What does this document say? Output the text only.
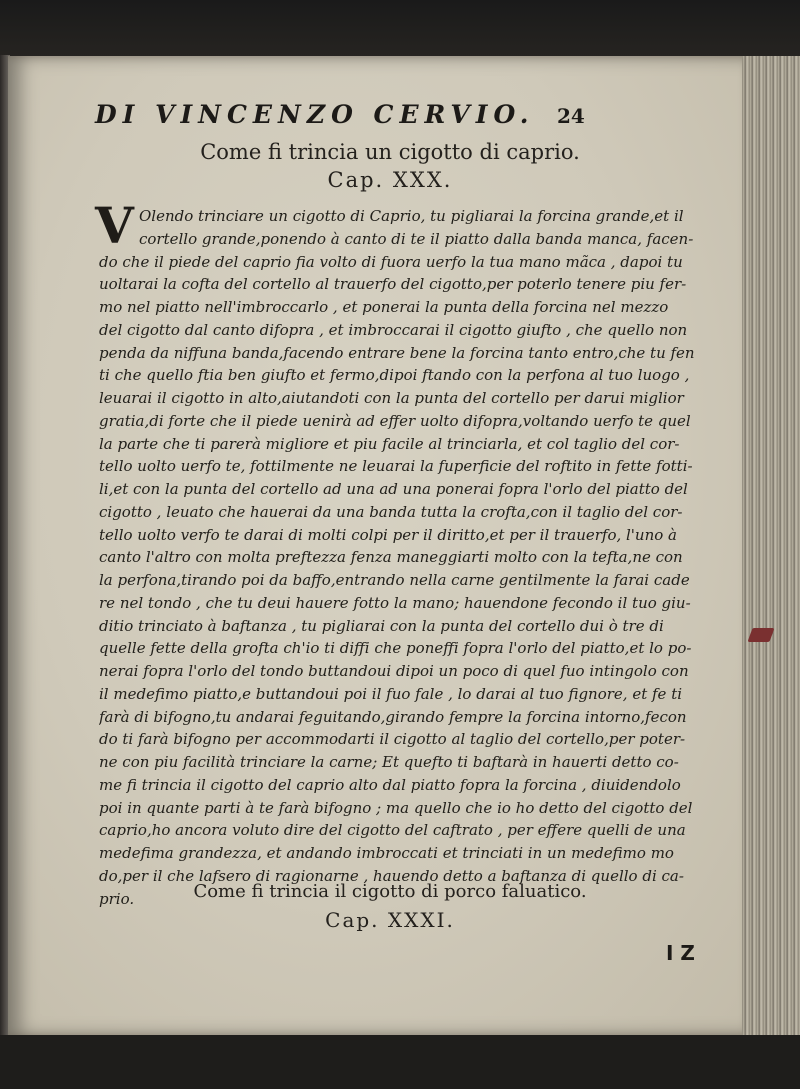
DI VINCENZO CERVIO. 24
Come fi trincia un cigotto di caprio.
Cap. XXX.
V Olendo trinciare un cigotto di Caprio, tu pigliarai la forcina grande,et il
cortello grande,ponendo à canto di te il piatto dalla banda manca, facen-
do che il piede del caprio fia volto di fuora uerfo la tua mano mãca , dapoi tu
uoltarai la cofta del cortello al trauerfo del cigotto,per poterlo tenere piu fer-
mo nel piatto nell'imbroccarlo , et ponerai la punta della forcina nel mezzo
del cigotto dal canto difopra , et imbroccarai il cigotto giufto , che quello non
penda da niffuna banda,facendo entrare bene la forcina tanto entro,che tu fen
ti che quello ftia ben giufto et fermo,dipoi ftando con la perfona al tuo luogo ,
leuarai il cigotto in alto,aiutandoti con la punta del cortello per darui miglior
gratia,di forte che il piede uenirà ad effer uolto difopra,voltando uerfo te quel
la parte che ti parerà migliore et piu facile al trinciarla, et col taglio del cor-
tello uolto uerfo te, fottilmente ne leuarai la fuperficie del roftito in fette fotti-
li,et con la punta del cortello ad una ad una ponerai fopra l'orlo del piatto del
cigotto , leuato che hauerai da una banda tutta la crofta,con il taglio del cor-
tello uolto verfo te darai di molti colpi per il diritto,et per il trauerfo, l'uno à
canto l'altro con molta preftezza fenza maneggiarti molto con la tefta,ne con
la perfona,tirando poi da baffo,entrando nella carne gentilmente la farai cade
re nel tondo , che tu deui hauere fotto la mano; hauendone fecondo il tuo giu-
ditio trinciato à baftanza , tu pigliarai con la punta del cortello dui ò tre di
quelle fette della grofta ch'io ti diffi che poneffi fopra l'orlo del piatto,et lo po-
nerai fopra l'orlo del tondo buttandoui dipoi un poco di quel fuo intingolo con
il medefimo piatto,e buttandoui poi il fuo fale , lo darai al tuo fignore, et fe ti
farà di bifogno,tu andarai feguitando,girando fempre la forcina intorno,fecon
do ti farà bifogno per accommodarti il cigotto al taglio del cortello,per poter-
ne con piu facilità trinciare la carne; Et quefto ti baftarà in hauerti detto co-
me fi trincia il cigotto del caprio alto dal piatto fopra la forcina , diuidendolo
poi in quante parti à te farà bifogno ; ma quello che io ho detto del cigotto del
caprio,ho ancora voluto dire del cigotto del caftrato , per effere quelli de una
medefima grandezza, et andando imbroccati et trinciati in un medefimo mo
do,per il che lafsero di ragionarne , hauendo detto a baftanza di quello di ca-
prio.	Come fi trincia il cigotto di porco faluatico.
Cap. XXXI.
I Z
